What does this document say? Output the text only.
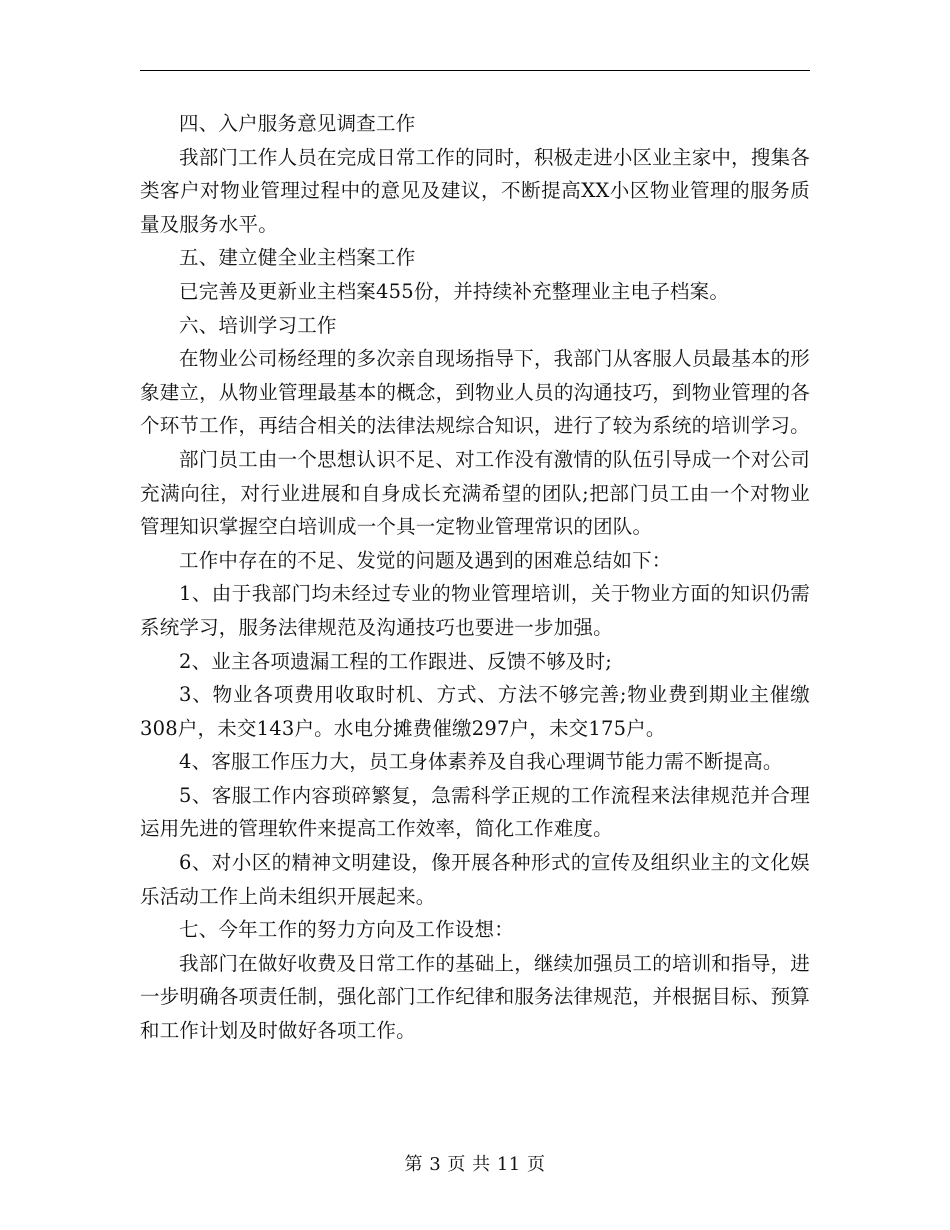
四、入户服务意见调查工作

我部门工作人员在完成日常工作的同时，积极走进小区业主家中，搜集各类客户对物业管理过程中的意见及建议，不断提高XX小区物业管理的服务质量及服务水平。

五、建立健全业主档案工作

已完善及更新业主档案455份，并持续补充整理业主电子档案。

六、培训学习工作

在物业公司杨经理的多次亲自现场指导下，我部门从客服人员最基本的形象建立，从物业管理最基本的概念，到物业人员的沟通技巧，到物业管理的各个环节工作，再结合相关的法律法规综合知识，进行了较为系统的培训学习。

部门员工由一个思想认识不足、对工作没有激情的队伍引导成一个对公司充满向往，对行业进展和自身成长充满希望的团队;把部门员工由一个对物业管理知识掌握空白培训成一个具一定物业管理常识的团队。

工作中存在的不足、发觉的问题及遇到的困难总结如下：

1、由于我部门均未经过专业的物业管理培训，关于物业方面的知识仍需系统学习，服务法律规范及沟通技巧也要进一步加强。

2、业主各项遗漏工程的工作跟进、反馈不够及时;

3、物业各项费用收取时机、方式、方法不够完善;物业费到期业主催缴308户，未交143户。水电分摊费催缴297户，未交175户。

4、客服工作压力大，员工身体素养及自我心理调节能力需不断提高。

5、客服工作内容琐碎繁复，急需科学正规的工作流程来法律规范并合理运用先进的管理软件来提高工作效率，简化工作难度。

6、对小区的精神文明建设，像开展各种形式的宣传及组织业主的文化娱乐活动工作上尚未组织开展起来。

七、今年工作的努力方向及工作设想：

我部门在做好收费及日常工作的基础上，继续加强员工的培训和指导，进一步明确各项责任制，强化部门工作纪律和服务法律规范，并根据目标、预算和工作计划及时做好各项工作。

第 3 页 共 11 页
